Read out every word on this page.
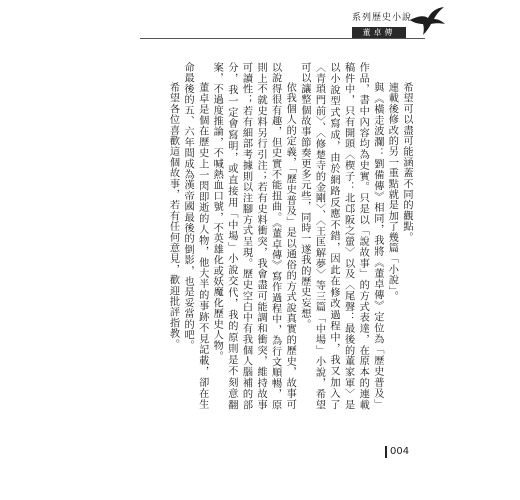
系列歷史小說
董卓傳

希望可以盡可能涵蓋不同的觀點。

連載後修改的另一重點就是加了幾篇「小說」。

與《橫走波瀾：劉備傳》相同，我將《董卓傳》定位為「歷史普及」作品，書中內容均為史實。只是以「說故事」的方式表達，在原本的連載稿件中，只有開頭〈楔子：北邙阪之螢〉以及〈尾聲：最後的董家軍〉是以小說型式寫成，由於網路反應不錯，因此在修改過程中，我又加入了〈青瑣門前〉、〈修楚寺的金剛〉、〈王匡解夢〉等三篇「中場」小說，希望可以讓整個故事節奏更多元些，同時一遂我的歷史妄想。

依我個人的定義，「歷史普及」是以通俗的方式說真實的歷史，故事可以說得很有趣，但史實不能扭曲。《董卓傳》寫作過程中，為行文順暢，原則上不就史料另行引注；若有史料衝突，我會盡可能調和衝突，維持故事可讀性；若有細部考據則以注腳方式呈現。歷史空白中有我個人腦補的部分，我一定會寫明，或直接用「中場」小說交代，我的原則是不刻意翻案，不過度推論，不喊熱血口號，不英雄化或妖魔化歷史人物。

董卓是個在歷史上一閃即逝的人物，他大半的事跡不見記載，卻在生命最後的五、六年間成為漢帝國最後的倒影，也是妥當的吧。

希望各位喜歡這個故事，若有任何意見，歡迎批評指教。

004
